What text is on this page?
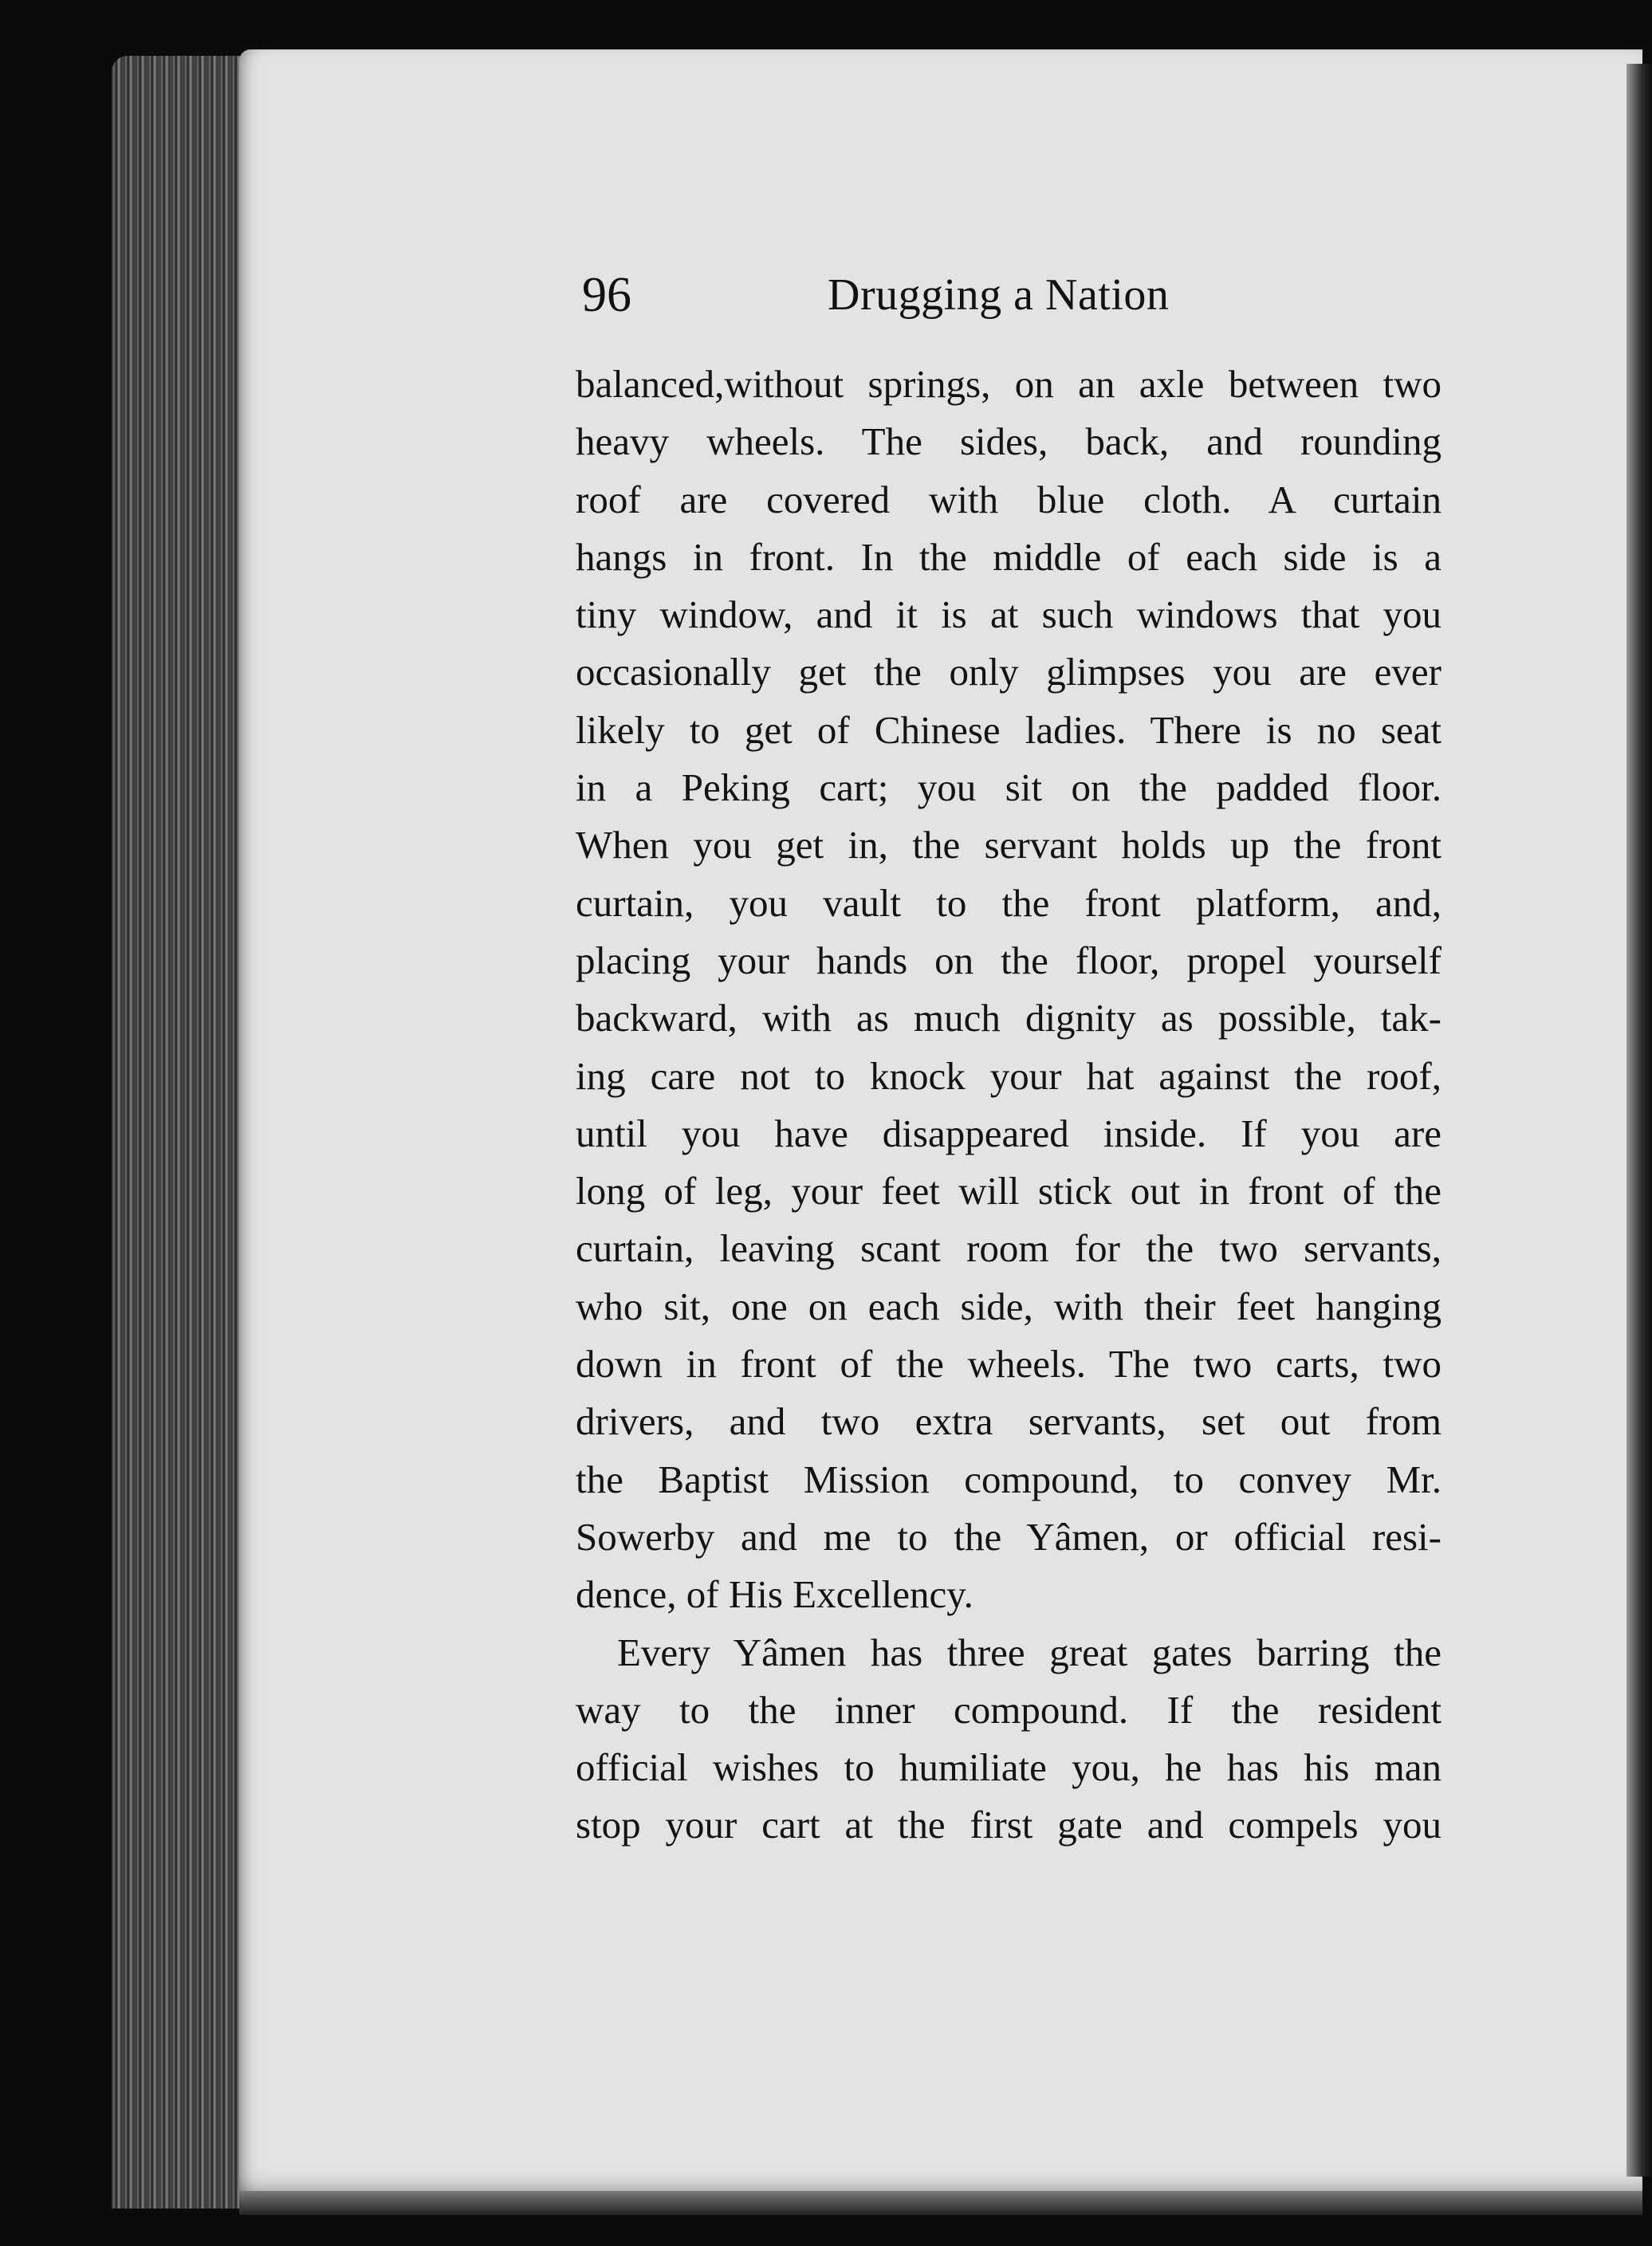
96	Drugging a Nation
balanced,without springs, on an axle between two
heavy wheels. The sides, back, and rounding
roof are covered with blue cloth. A curtain
hangs in front. In the middle of each side is a
tiny window, and it is at such windows that you
occasionally get the only glimpses you are ever
likely to get of Chinese ladies. There is no seat
in a Peking cart; you sit on the padded floor.
When you get in, the servant holds up the front
curtain, you vault to the front platform, and,
placing your hands on the floor, propel yourself
backward, with as much dignity as possible, tak-
ing care not to knock your hat against the roof,
until you have disappeared inside. If you are
long of leg, your feet will stick out in front of the
curtain, leaving scant room for the two servants,
who sit, one on each side, with their feet hanging
down in front of the wheels. The two carts, two
drivers, and two extra servants, set out from
the Baptist Mission compound, to convey Mr.
Sowerby and me to the Yâmen, or official resi-
dence, of His Excellency.
Every Yâmen has three great gates barring the
way to the inner compound. If the resident
official wishes to humiliate you, he has his man
stop your cart at the first gate and compels you
